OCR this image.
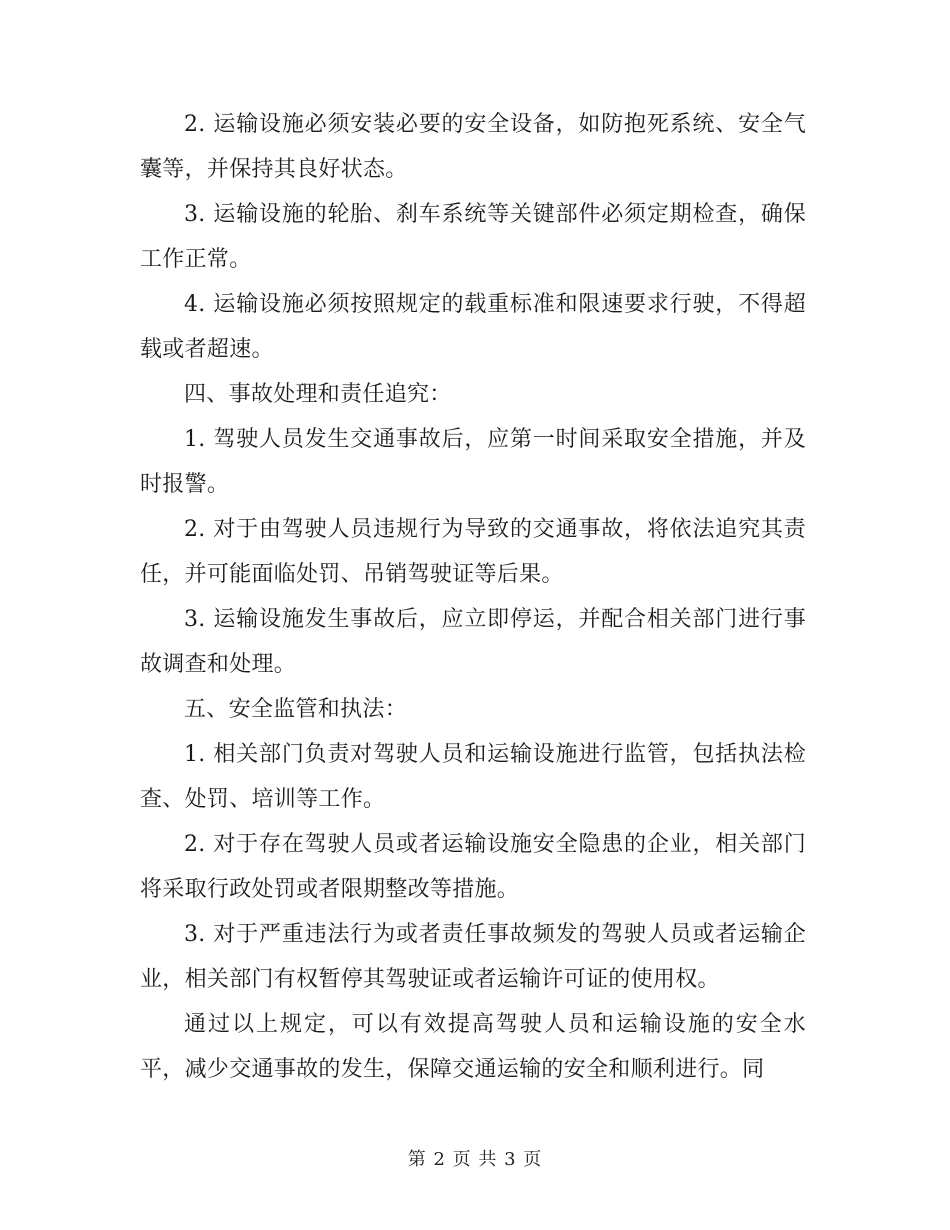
2. 运输设施必须安装必要的安全设备，如防抱死系统、安全气囊等，并保持其良好状态。

3. 运输设施的轮胎、刹车系统等关键部件必须定期检查，确保工作正常。

4. 运输设施必须按照规定的载重标准和限速要求行驶，不得超载或者超速。

四、事故处理和责任追究：

1. 驾驶人员发生交通事故后，应第一时间采取安全措施，并及时报警。

2. 对于由驾驶人员违规行为导致的交通事故，将依法追究其责任，并可能面临处罚、吊销驾驶证等后果。

3. 运输设施发生事故后，应立即停运，并配合相关部门进行事故调查和处理。

五、安全监管和执法：

1. 相关部门负责对驾驶人员和运输设施进行监管，包括执法检查、处罚、培训等工作。

2. 对于存在驾驶人员或者运输设施安全隐患的企业，相关部门将采取行政处罚或者限期整改等措施。

3. 对于严重违法行为或者责任事故频发的驾驶人员或者运输企业，相关部门有权暂停其驾驶证或者运输许可证的使用权。

通过以上规定，可以有效提高驾驶人员和运输设施的安全水平，减少交通事故的发生，保障交通运输的安全和顺利进行。同

第 2 页 共 3 页
